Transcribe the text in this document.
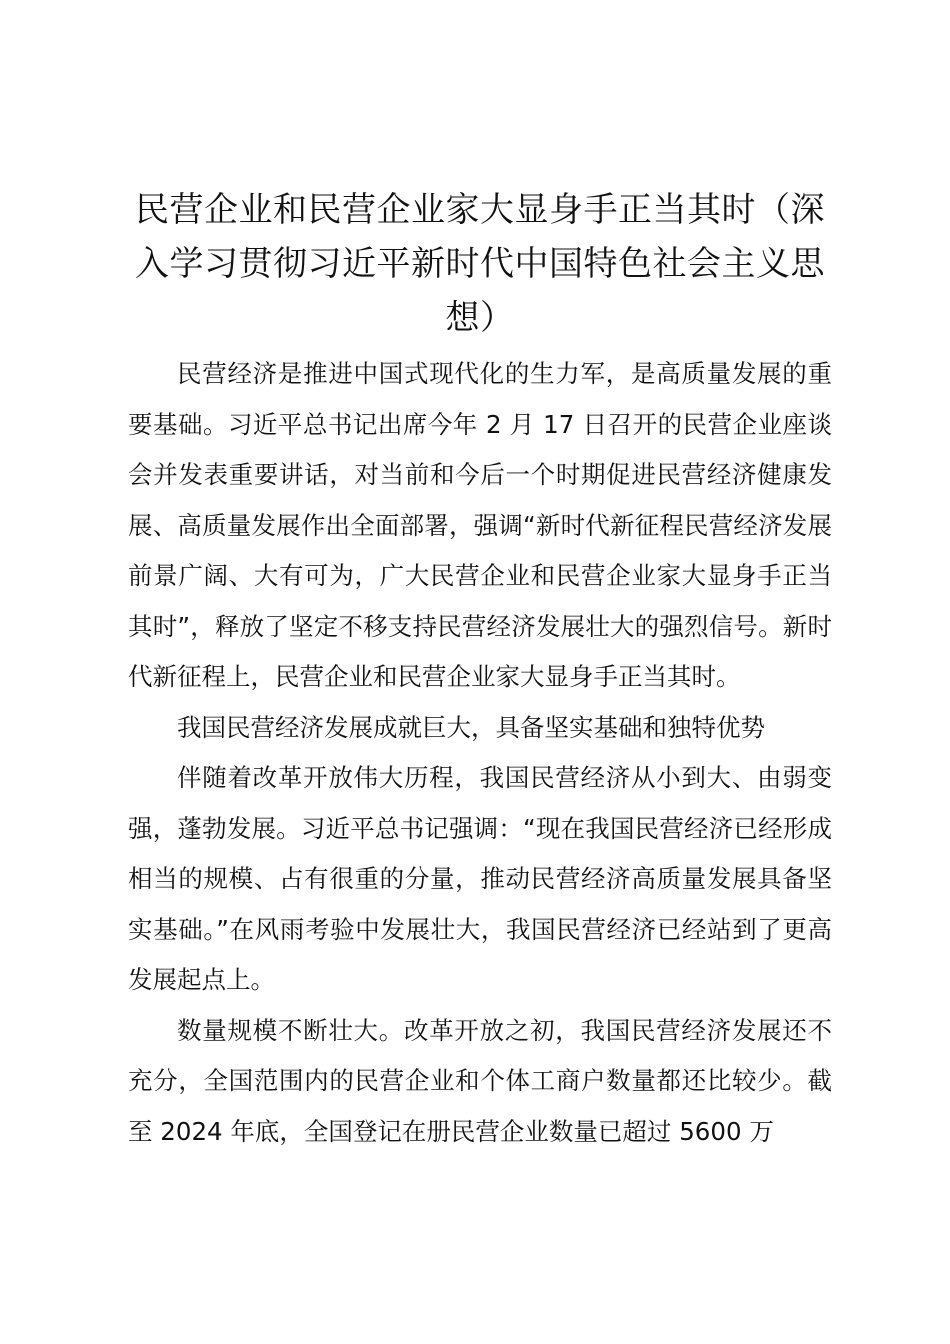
民营企业和民营企业家大显身手正当其时（深入学习贯彻习近平新时代中国特色社会主义思想）

民营经济是推进中国式现代化的生力军，是高质量发展的重要基础。习近平总书记出席今年 2 月 17 日召开的民营企业座谈会并发表重要讲话，对当前和今后一个时期促进民营经济健康发展、高质量发展作出全面部署，强调“新时代新征程民营经济发展前景广阔、大有可为，广大民营企业和民营企业家大显身手正当其时”，释放了坚定不移支持民营经济发展壮大的强烈信号。新时代新征程上，民营企业和民营企业家大显身手正当其时。

我国民营经济发展成就巨大，具备坚实基础和独特优势

伴随着改革开放伟大历程，我国民营经济从小到大、由弱变强，蓬勃发展。习近平总书记强调：“现在我国民营经济已经形成相当的规模、占有很重的分量，推动民营经济高质量发展具备坚实基础。”在风雨考验中发展壮大，我国民营经济已经站到了更高发展起点上。

数量规模不断壮大。改革开放之初，我国民营经济发展还不充分，全国范围内的民营企业和个体工商户数量都还比较少。截至 2024 年底，全国登记在册民营企业数量已超过 5600 万
